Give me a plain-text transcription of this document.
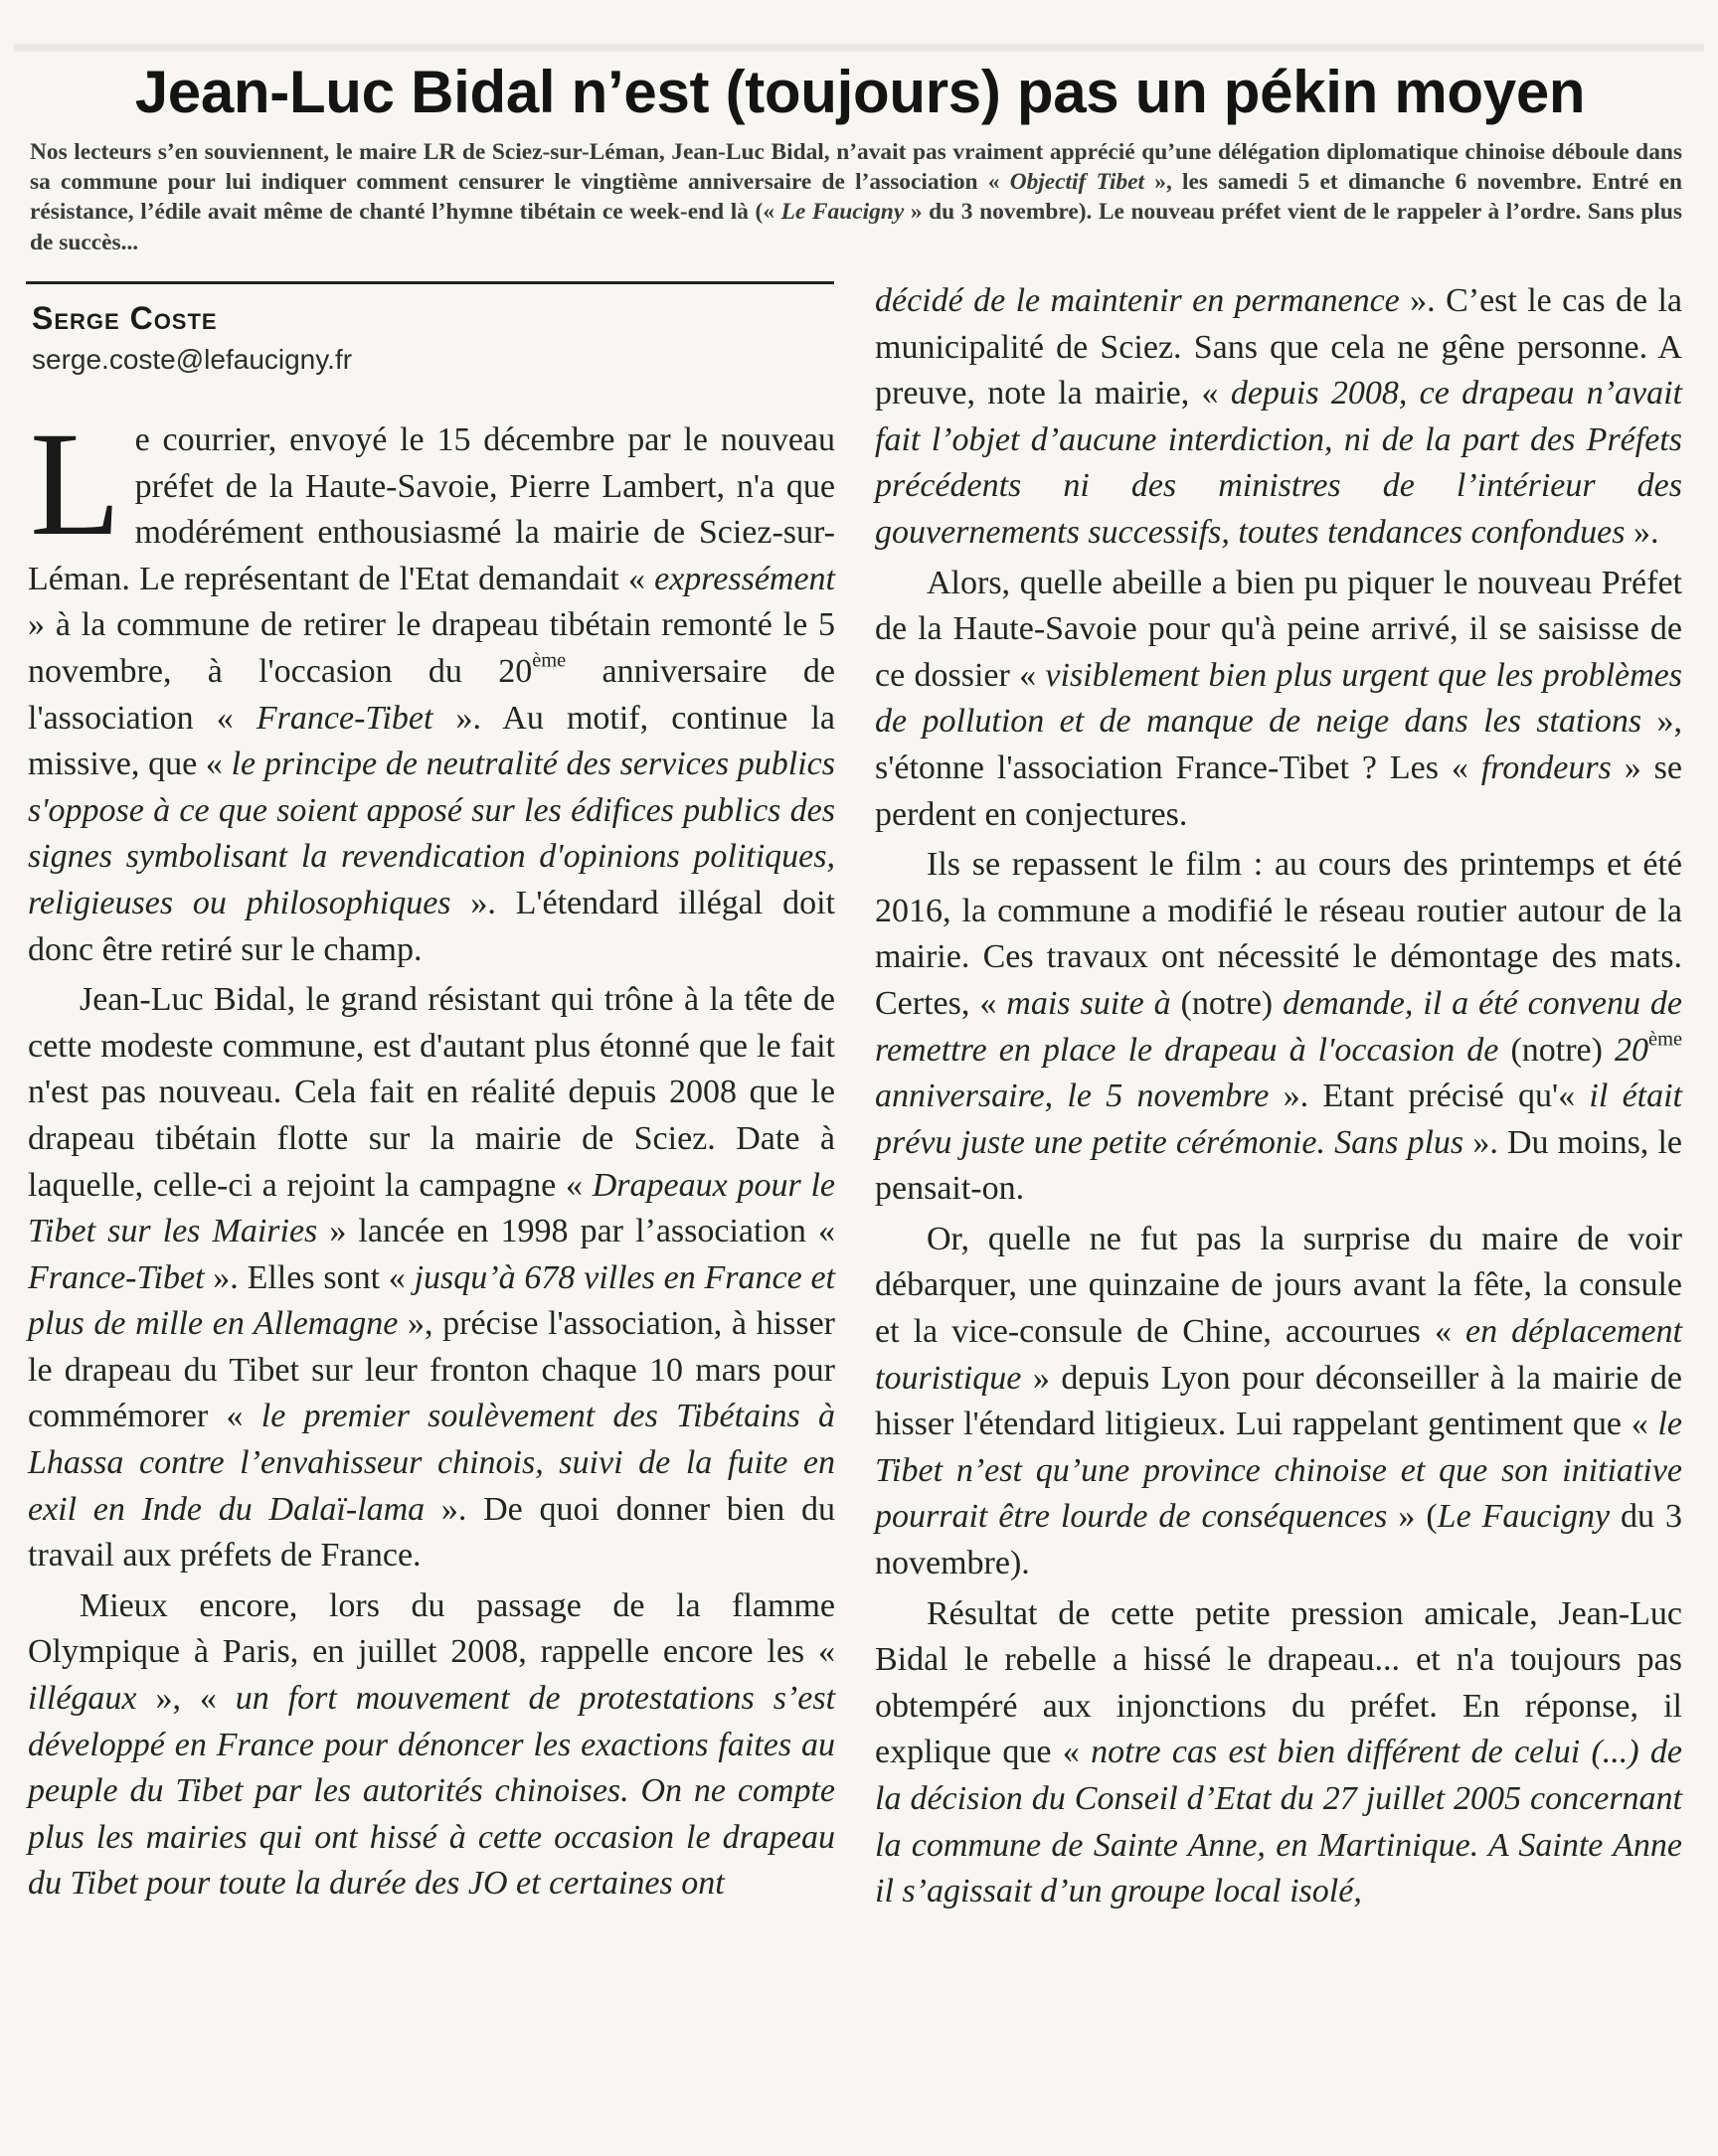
Jean-Luc Bidal n’est (toujours) pas un pékin moyen

Nos lecteurs s’en souviennent, le maire LR de Sciez-sur-Léman, Jean-Luc Bidal, n’avait pas vraiment apprécié qu’une délégation diplomatique chinoise déboule dans sa commune pour lui indiquer comment censurer le vingtième anniversaire de l’association « Objectif Tibet », les samedi 5 et dimanche 6 novembre. Entré en résistance, l’édile avait même de chanté l’hymne tibétain ce week-end là (« Le Faucigny » du 3 novembre). Le nouveau préfet vient de le rappeler à l’ordre. Sans plus de succès...

Serge Coste
serge.coste@lefaucigny.fr

Le courrier, envoyé le 15 décembre par le nouveau préfet de la Haute-Savoie, Pierre Lambert, n'a que modérément enthousiasmé la mairie de Sciez-sur-Léman. Le représentant de l'Etat demandait « expressément » à la commune de retirer le drapeau tibétain remonté le 5 novembre, à l'occasion du 20ème anniversaire de l'association « France-Tibet ». Au motif, continue la missive, que « le principe de neutralité des services publics s'oppose à ce que soient apposé sur les édifices publics des signes symbolisant la revendication d'opinions politiques, religieuses ou philosophiques ». L'étendard illégal doit donc être retiré sur le champ.

Jean-Luc Bidal, le grand résistant qui trône à la tête de cette modeste commune, est d'autant plus étonné que le fait n'est pas nouveau. Cela fait en réalité depuis 2008 que le drapeau tibétain flotte sur la mairie de Sciez. Date à laquelle, celle-ci a rejoint la campagne « Drapeaux pour le Tibet sur les Mairies » lancée en 1998 par l’association « France-Tibet ». Elles sont « jusqu’à 678 villes en France et plus de mille en Allemagne », précise l'association, à hisser le drapeau du Tibet sur leur fronton chaque 10 mars pour commémorer « le premier soulèvement des Tibétains à Lhassa contre l’envahisseur chinois, suivi de la fuite en exil en Inde du Dalaï-lama ». De quoi donner bien du travail aux préfets de France.

Mieux encore, lors du passage de la flamme Olympique à Paris, en juillet 2008, rappelle encore les « illégaux », « un fort mouvement de protestations s’est développé en France pour dénoncer les exactions faites au peuple du Tibet par les autorités chinoises. On ne compte plus les mairies qui ont hissé à cette occasion le drapeau du Tibet pour toute la durée des JO et certaines ont

décidé de le maintenir en permanence ». C’est le cas de la municipalité de Sciez. Sans que cela ne gêne personne. A preuve, note la mairie, « depuis 2008, ce drapeau n’avait fait l’objet d’aucune interdiction, ni de la part des Préfets précédents ni des ministres de l’intérieur des gouvernements successifs, toutes tendances confondues ».

Alors, quelle abeille a bien pu piquer le nouveau Préfet de la Haute-Savoie pour qu'à peine arrivé, il se saisisse de ce dossier « visiblement bien plus urgent que les problèmes de pollution et de manque de neige dans les stations », s'étonne l'association France-Tibet ? Les « frondeurs » se perdent en conjectures.

Ils se repassent le film : au cours des printemps et été 2016, la commune a modifié le réseau routier autour de la mairie. Ces travaux ont nécessité le démontage des mats. Certes, « mais suite à (notre) demande, il a été convenu de remettre en place le drapeau à l'occasion de (notre) 20ème anniversaire, le 5 novembre ». Etant précisé qu'« il était prévu juste une petite cérémonie. Sans plus ». Du moins, le pensait-on.

Or, quelle ne fut pas la surprise du maire de voir débarquer, une quinzaine de jours avant la fête, la consule et la vice-consule de Chine, accourues « en déplacement touristique » depuis Lyon pour déconseiller à la mairie de hisser l'étendard litigieux. Lui rappelant gentiment que « le Tibet n’est qu’une province chinoise et que son initiative pourrait être lourde de conséquences » (Le Faucigny du 3 novembre).

Résultat de cette petite pression amicale, Jean-Luc Bidal le rebelle a hissé le drapeau... et n'a toujours pas obtempéré aux injonctions du préfet. En réponse, il explique que « notre cas est bien différent de celui (...) de la décision du Conseil d’Etat du 27 juillet 2005 concernant la commune de Sainte Anne, en Martinique. A Sainte Anne il s’agissait d’un groupe local isolé,
